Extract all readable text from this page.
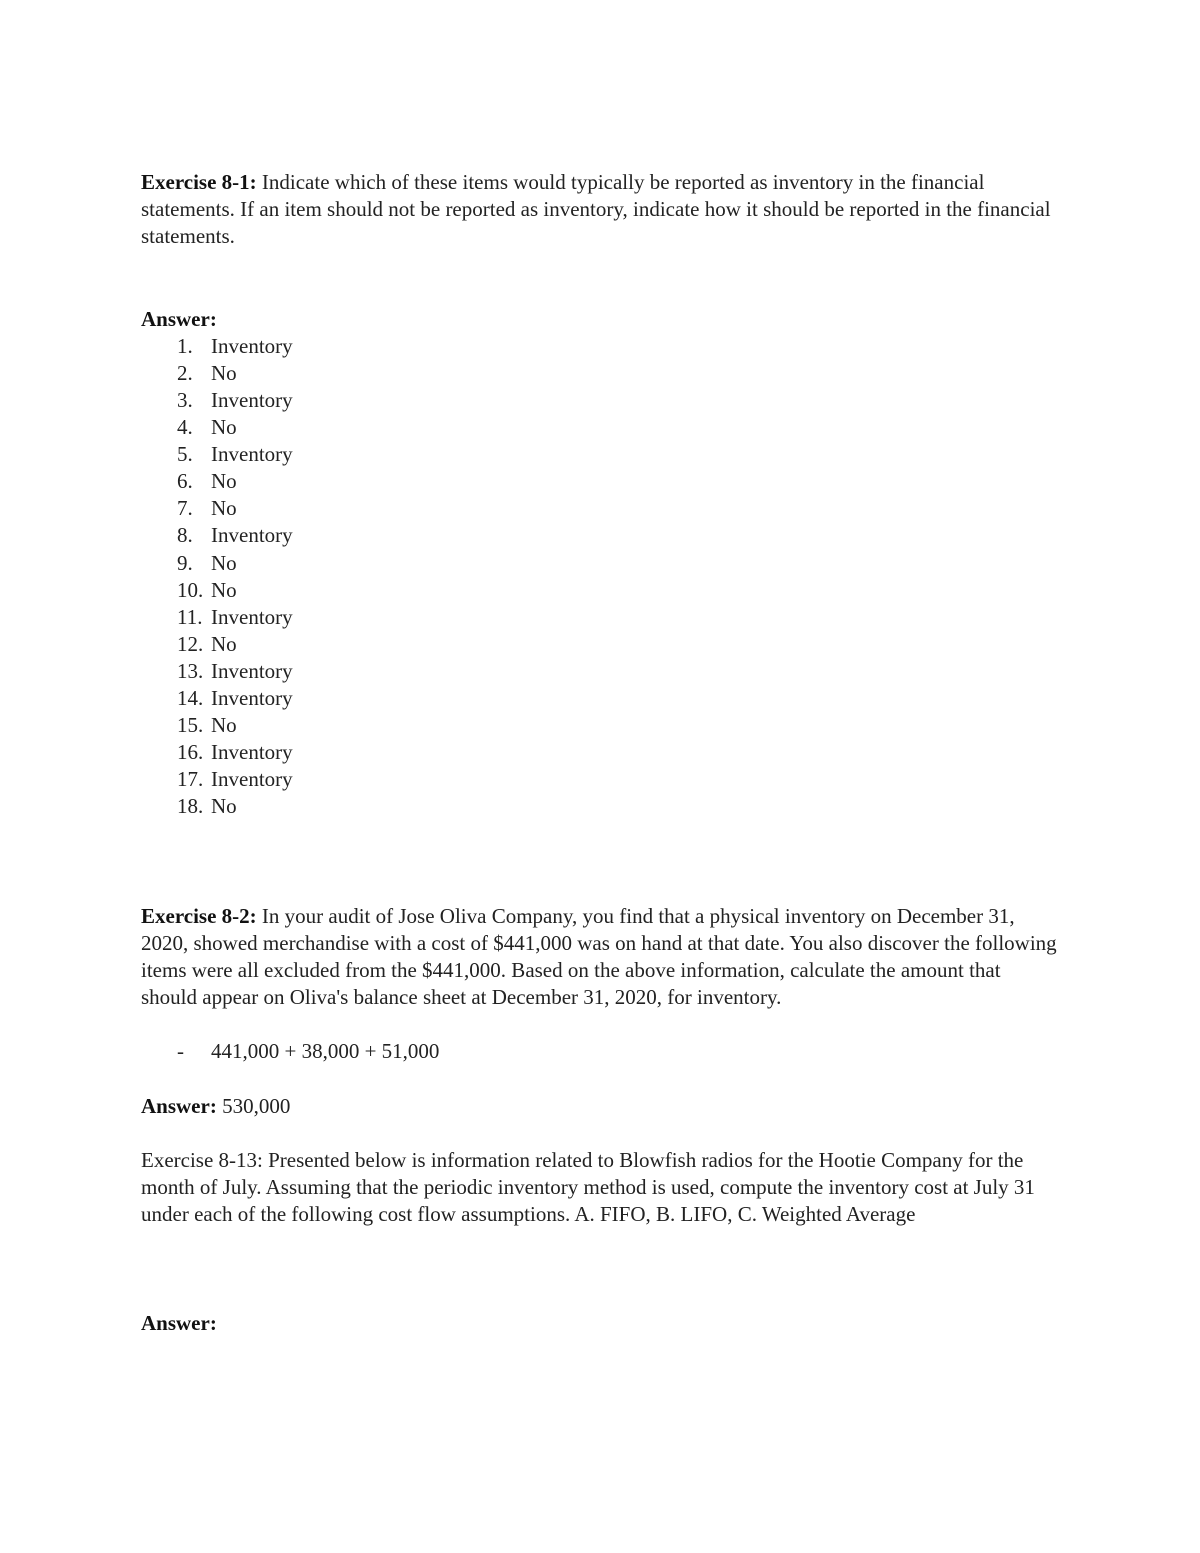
Exercise 8-1: Indicate which of these items would typically be reported as inventory in the financial statements. If an item should not be reported as inventory, indicate how it should be reported in the financial statements.

Answer:

1. Inventory
2. No
3. Inventory
4. No
5. Inventory
6. No
7. No
8. Inventory
9. No
10. No
11. Inventory
12. No
13. Inventory
14. Inventory
15. No
16. Inventory
17. Inventory
18. No

Exercise 8-2: In your audit of Jose Oliva Company, you find that a physical inventory on December 31, 2020, showed merchandise with a cost of $441,000 was on hand at that date. You also discover the following items were all excluded from the $441,000. Based on the above information, calculate the amount that should appear on Oliva's balance sheet at December 31, 2020, for inventory.

- 441,000 + 38,000 + 51,000

Answer: 530,000

Exercise 8-13: Presented below is information related to Blowfish radios for the Hootie Company for the month of July. Assuming that the periodic inventory method is used, compute the inventory cost at July 31 under each of the following cost flow assumptions. A. FIFO, B. LIFO, C. Weighted Average

Answer:
